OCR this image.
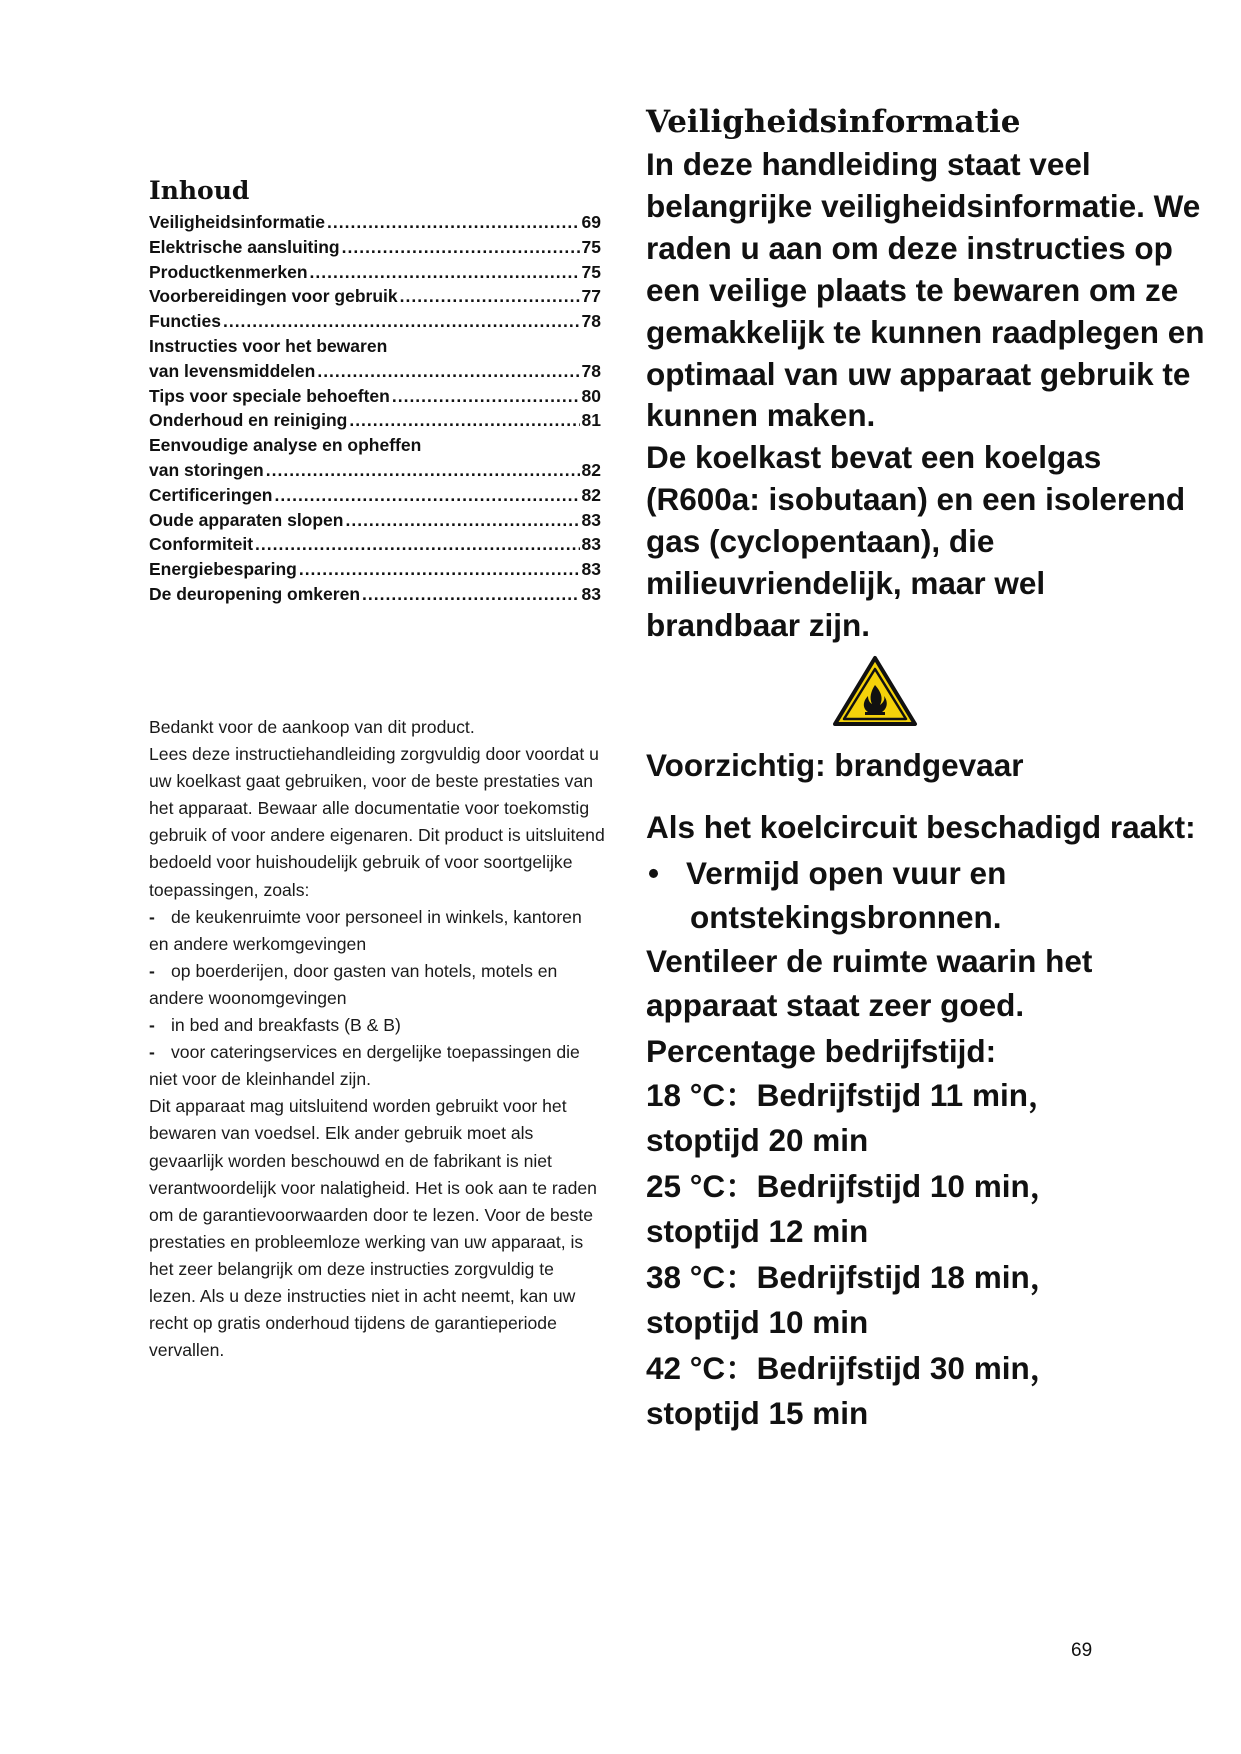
Inhoud
Veiligheidsinformatie .....	69
Elektrische aansluiting .....	75
Productkenmerken .....	75
Voorbereidingen voor gebruik .....	77
Functies .....	78
Instructies voor het bewaren
van levensmiddelen .....	78
Tips voor speciale behoeften .....	80
Onderhoud en reiniging .....	81
Eenvoudige analyse en opheffen
van storingen .....	82
Certificeringen .....	82
Oude apparaten slopen .....	83
Conformiteit .....	83
Energiebesparing .....	83
De deuropening omkeren .....	83

Bedankt voor de aankoop van dit product.

Lees deze instructiehandleiding zorgvuldig door voordat u uw koelkast gaat gebruiken, voor de beste prestaties van het apparaat. Bewaar alle documentatie voor toekomstig gebruik of voor andere eigenaren. Dit product is uitsluitend bedoeld voor huishoudelijk gebruik of voor soortgelijke toepassingen, zoals:

- de keukenruimte voor personeel in winkels, kantoren en andere werkomgevingen
- op boerderijen, door gasten van hotels, motels en andere woonomgevingen
- in bed and breakfasts (B & B)
- voor cateringservices en dergelijke toepassingen die niet voor de kleinhandel zijn.

Dit apparaat mag uitsluitend worden gebruikt voor het bewaren van voedsel. Elk ander gebruik moet als gevaarlijk worden beschouwd en de fabrikant is niet verantwoordelijk voor nalatigheid. Het is ook aan te raden om de garantievoorwaarden door te lezen. Voor de beste prestaties en probleemloze werking van uw apparaat, is het zeer belangrijk om deze instructies zorgvuldig te lezen. Als u deze instructies niet in acht neemt, kan uw recht op gratis onderhoud tijdens de garantieperiode vervallen.

Veiligheidsinformatie

In deze handleiding staat veel belangrijke veiligheidsinformatie. We raden u aan om deze instructies op een veilige plaats te bewaren om ze gemakkelijk te kunnen raadplegen en optimaal van uw apparaat gebruik te kunnen maken.

De koelkast bevat een koelgas (R600a: isobutaan) en een isolerend gas (cyclopentaan), die milieuvriendelijk, maar wel brandbaar zijn.

Voorzichtig: brandgevaar

Als het koelcircuit beschadigd raakt:

• Vermijd open vuur en
ontstekingsbronnen.

Ventileer de ruimte waarin het apparaat staat zeer goed.

Percentage bedrijfstijd:

18 °C：Bedrijfstijd 11 min，
stoptijd 20 min
25 °C：Bedrijfstijd 10 min，
stoptijd 12 min
38 °C：Bedrijfstijd 18 min，
stoptijd 10 min
42 °C：Bedrijfstijd 30 min，
stoptijd 15 min
69
